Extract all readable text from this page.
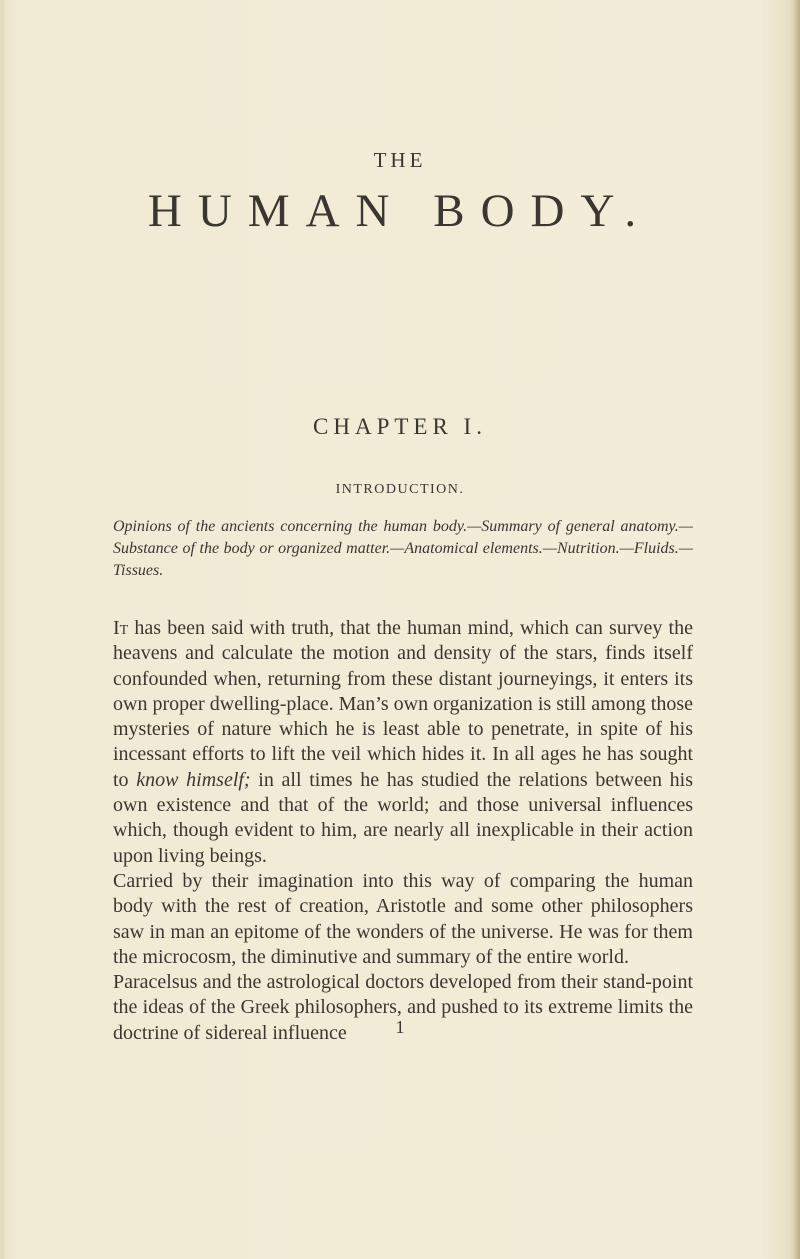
THE
HUMAN BODY.
CHAPTER I.
INTRODUCTION.
Opinions of the ancients concerning the human body.—Summary of general anatomy.—Substance of the body or organized matter.—Anatomical elements.—Nutrition.—Fluids.—Tissues.

It has been said with truth, that the human mind, which can survey the heavens and calculate the motion and density of the stars, finds itself confounded when, returning from these distant journeyings, it enters its own proper dwelling-place. Man’s own organization is still among those mysteries of nature which he is least able to penetrate, in spite of his incessant efforts to lift the veil which hides it. In all ages he has sought to know himself; in all times he has studied the relations between his own existence and that of the world; and those universal influences which, though evident to him, are nearly all inexplicable in their action upon living beings.

Carried by their imagination into this way of comparing the human body with the rest of creation, Aristotle and some other philosophers saw in man an epitome of the wonders of the universe. He was for them the microcosm, the diminutive and summary of the entire world.

Paracelsus and the astrological doctors developed from their stand-point the ideas of the Greek philosophers, and pushed to its extreme limits the doctrine of sidereal influence	1
